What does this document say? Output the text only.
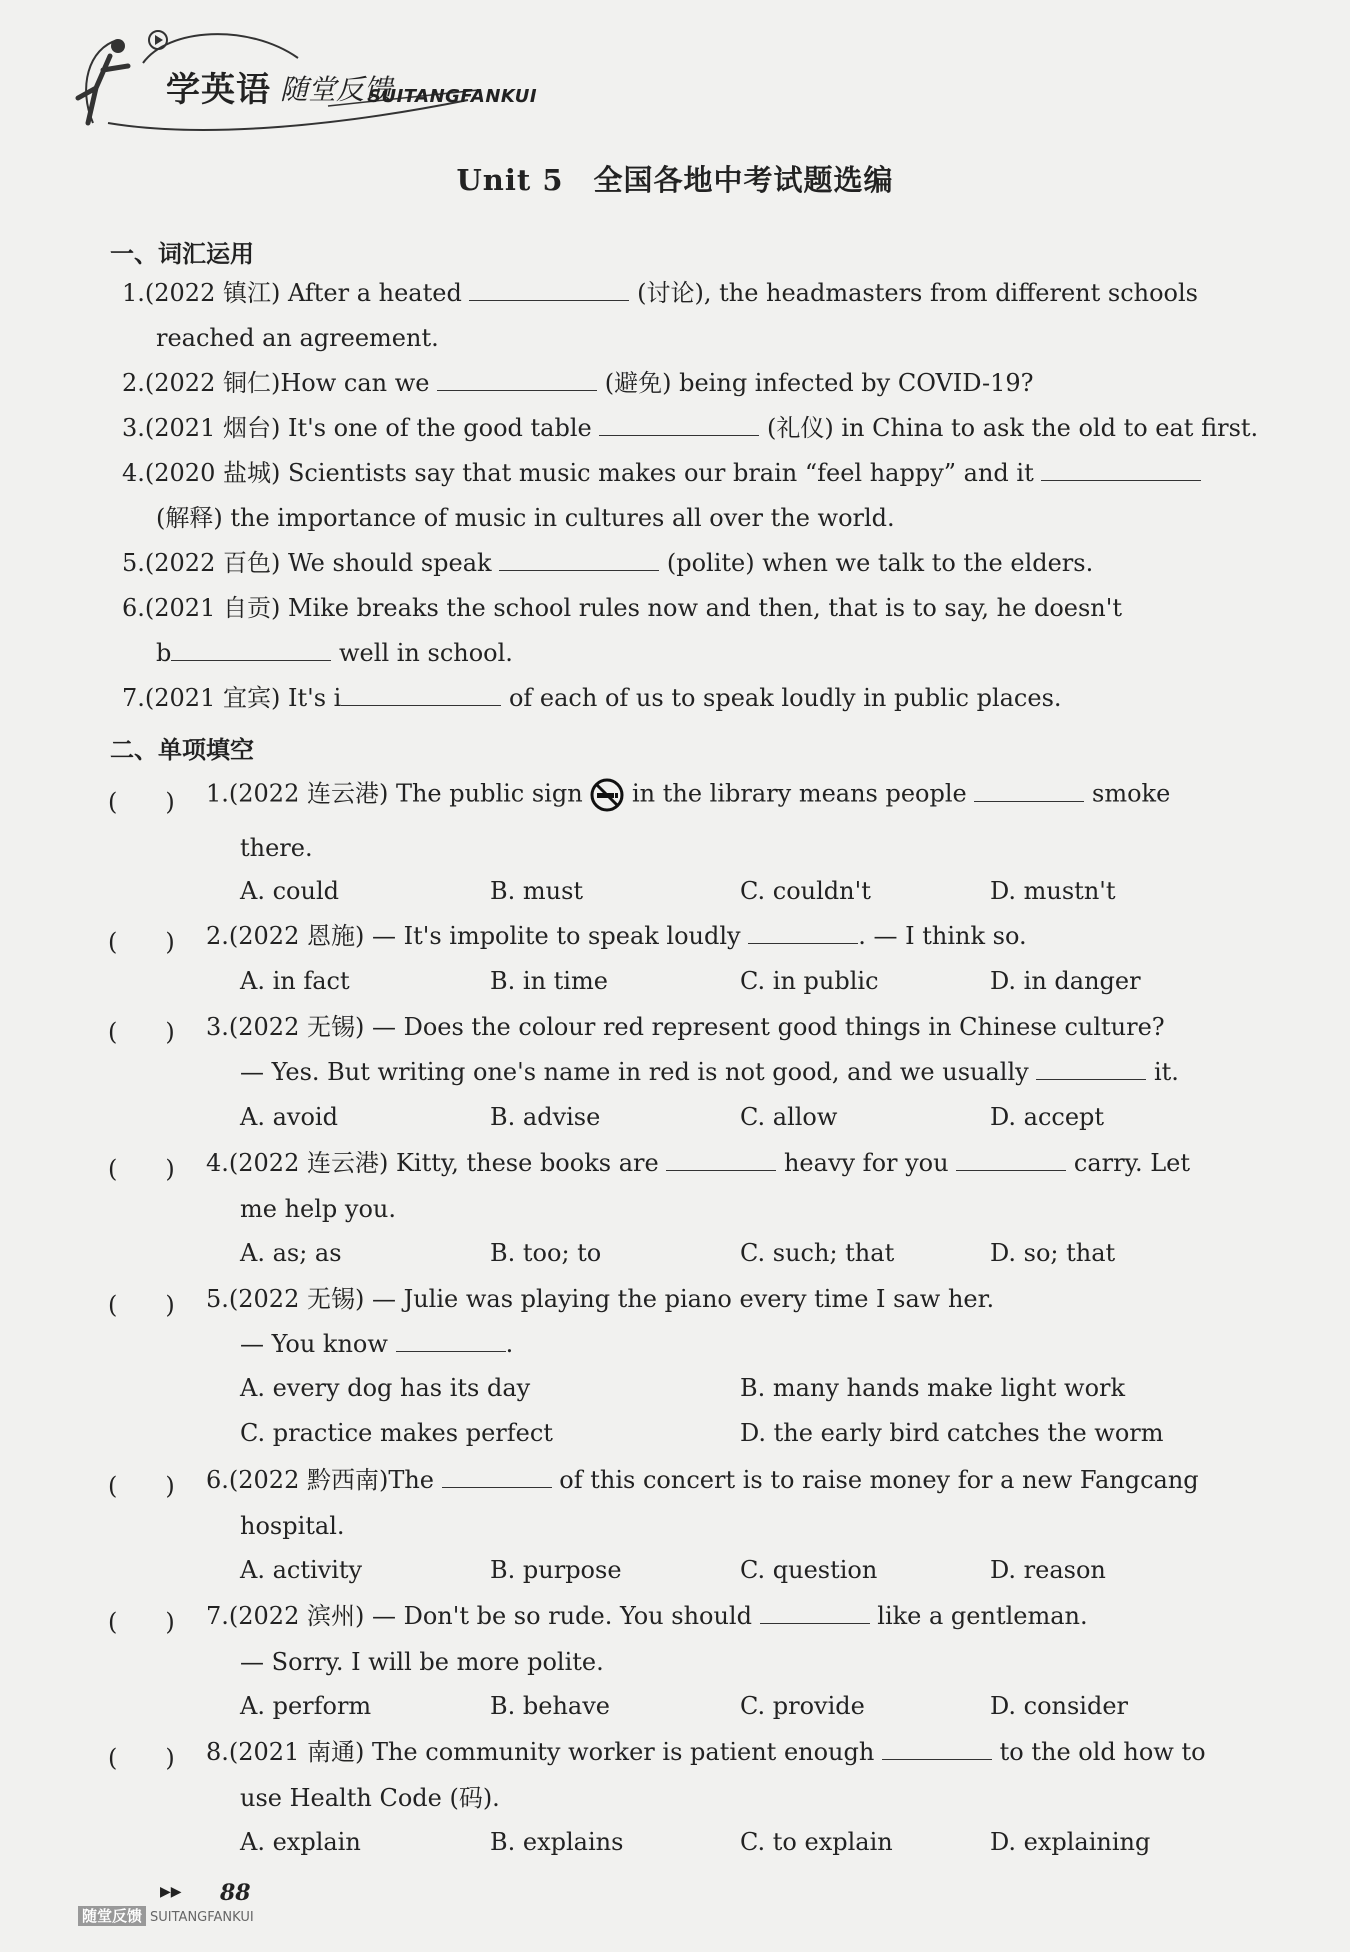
学英语 随堂反馈
SUITANGFANKUI
Unit 5　全国各地中考试题选编
一、词汇运用
1.(2022 镇江) After a heated	(讨论), the headmasters from different schools
reached an agreement.
2.(2022 铜仁)How can we	(避免) being infected by COVID-19?
3.(2021 烟台) It's one of the good table	(礼仪) in China to ask the old to eat first.
4.(2020 盐城) Scientists say that music makes our brain “feel happy” and it
(解释) the importance of music in cultures all over the world.
5.(2022 百色) We should speak	(polite) when we talk to the elders.
6.(2021 自贡) Mike breaks the school rules now and then, that is to say, he doesn't
b	well in school.
7.(2021 宜宾) It's i	of each of us to speak loudly in public places.
二、单项填空
(　　) 1.(2022 连云港) The public sign in the library means people	smoke
there.
A. could	B. must	C. couldn't	D. mustn't
(　　) 2.(2022 恩施) — It's impolite to speak loudly	. — I think so.
A. in fact	B. in time	C. in public	D. in danger
(　　) 3.(2022 无锡) — Does the colour red represent good things in Chinese culture?
— Yes. But writing one's name in red is not good, and we usually	it.
A. avoid	B. advise	C. allow	D. accept
(　　) 4.(2022 连云港) Kitty, these books are	heavy for you	carry. Let
me help you.
A. as; as	B. too; to	C. such; that	D. so; that
(　　) 5.(2022 无锡) — Julie was playing the piano every time I saw her.
— You know	.
A. every dog has its day	B. many hands make light work
C. practice makes perfect	D. the early bird catches the worm
(　　) 6.(2022 黔西南)The	of this concert is to raise money for a new Fangcang
hospital.
A. activity	B. purpose	C. question	D. reason
(　　) 7.(2022 滨州) — Don't be so rude. You should	like a gentleman.
— Sorry. I will be more polite.
A. perform	B. behave	C. provide	D. consider
(　　) 8.(2021 南通) The community worker is patient enough	to the old how to
use Health Code (码).
A. explain	B. explains	C. to explain	D. explaining
▶▶ 88
随堂反馈 SUITANGFANKUI
